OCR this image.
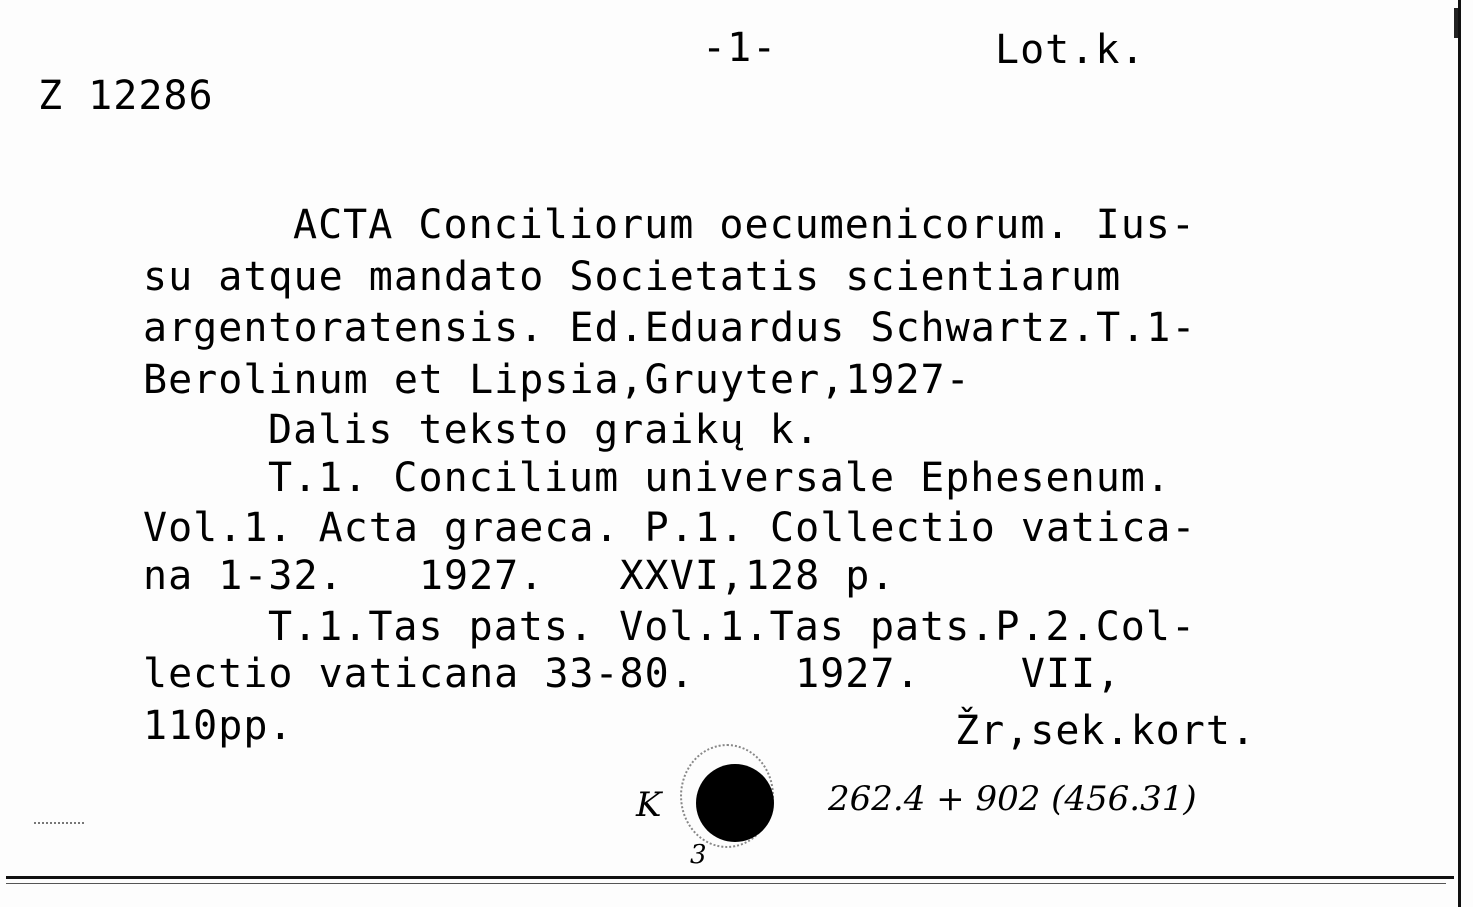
Z 12286
-1-	Lot.k.
ACTA Conciliorum oecumenicorum. Ius-
su atque mandato Societatis scientiarum
argentoratensis. Ed.Eduardus Schwartz.T.1-
Berolinum et Lipsia,Gruyter,1927-
Dalis teksto graikų k.
T.1. Concilium universale Ephesenum.
Vol.1. Acta graeca. P.1. Collectio vatica-
na 1-32.   1927.   XXVI,128 p.
T.1.Tas pats. Vol.1.Tas pats.P.2.Col-
lectio vaticana 33-80.    1927.    VII,
110pp.	Žr,sek.kort.
K
3
262.4 + 902 (456.31)
